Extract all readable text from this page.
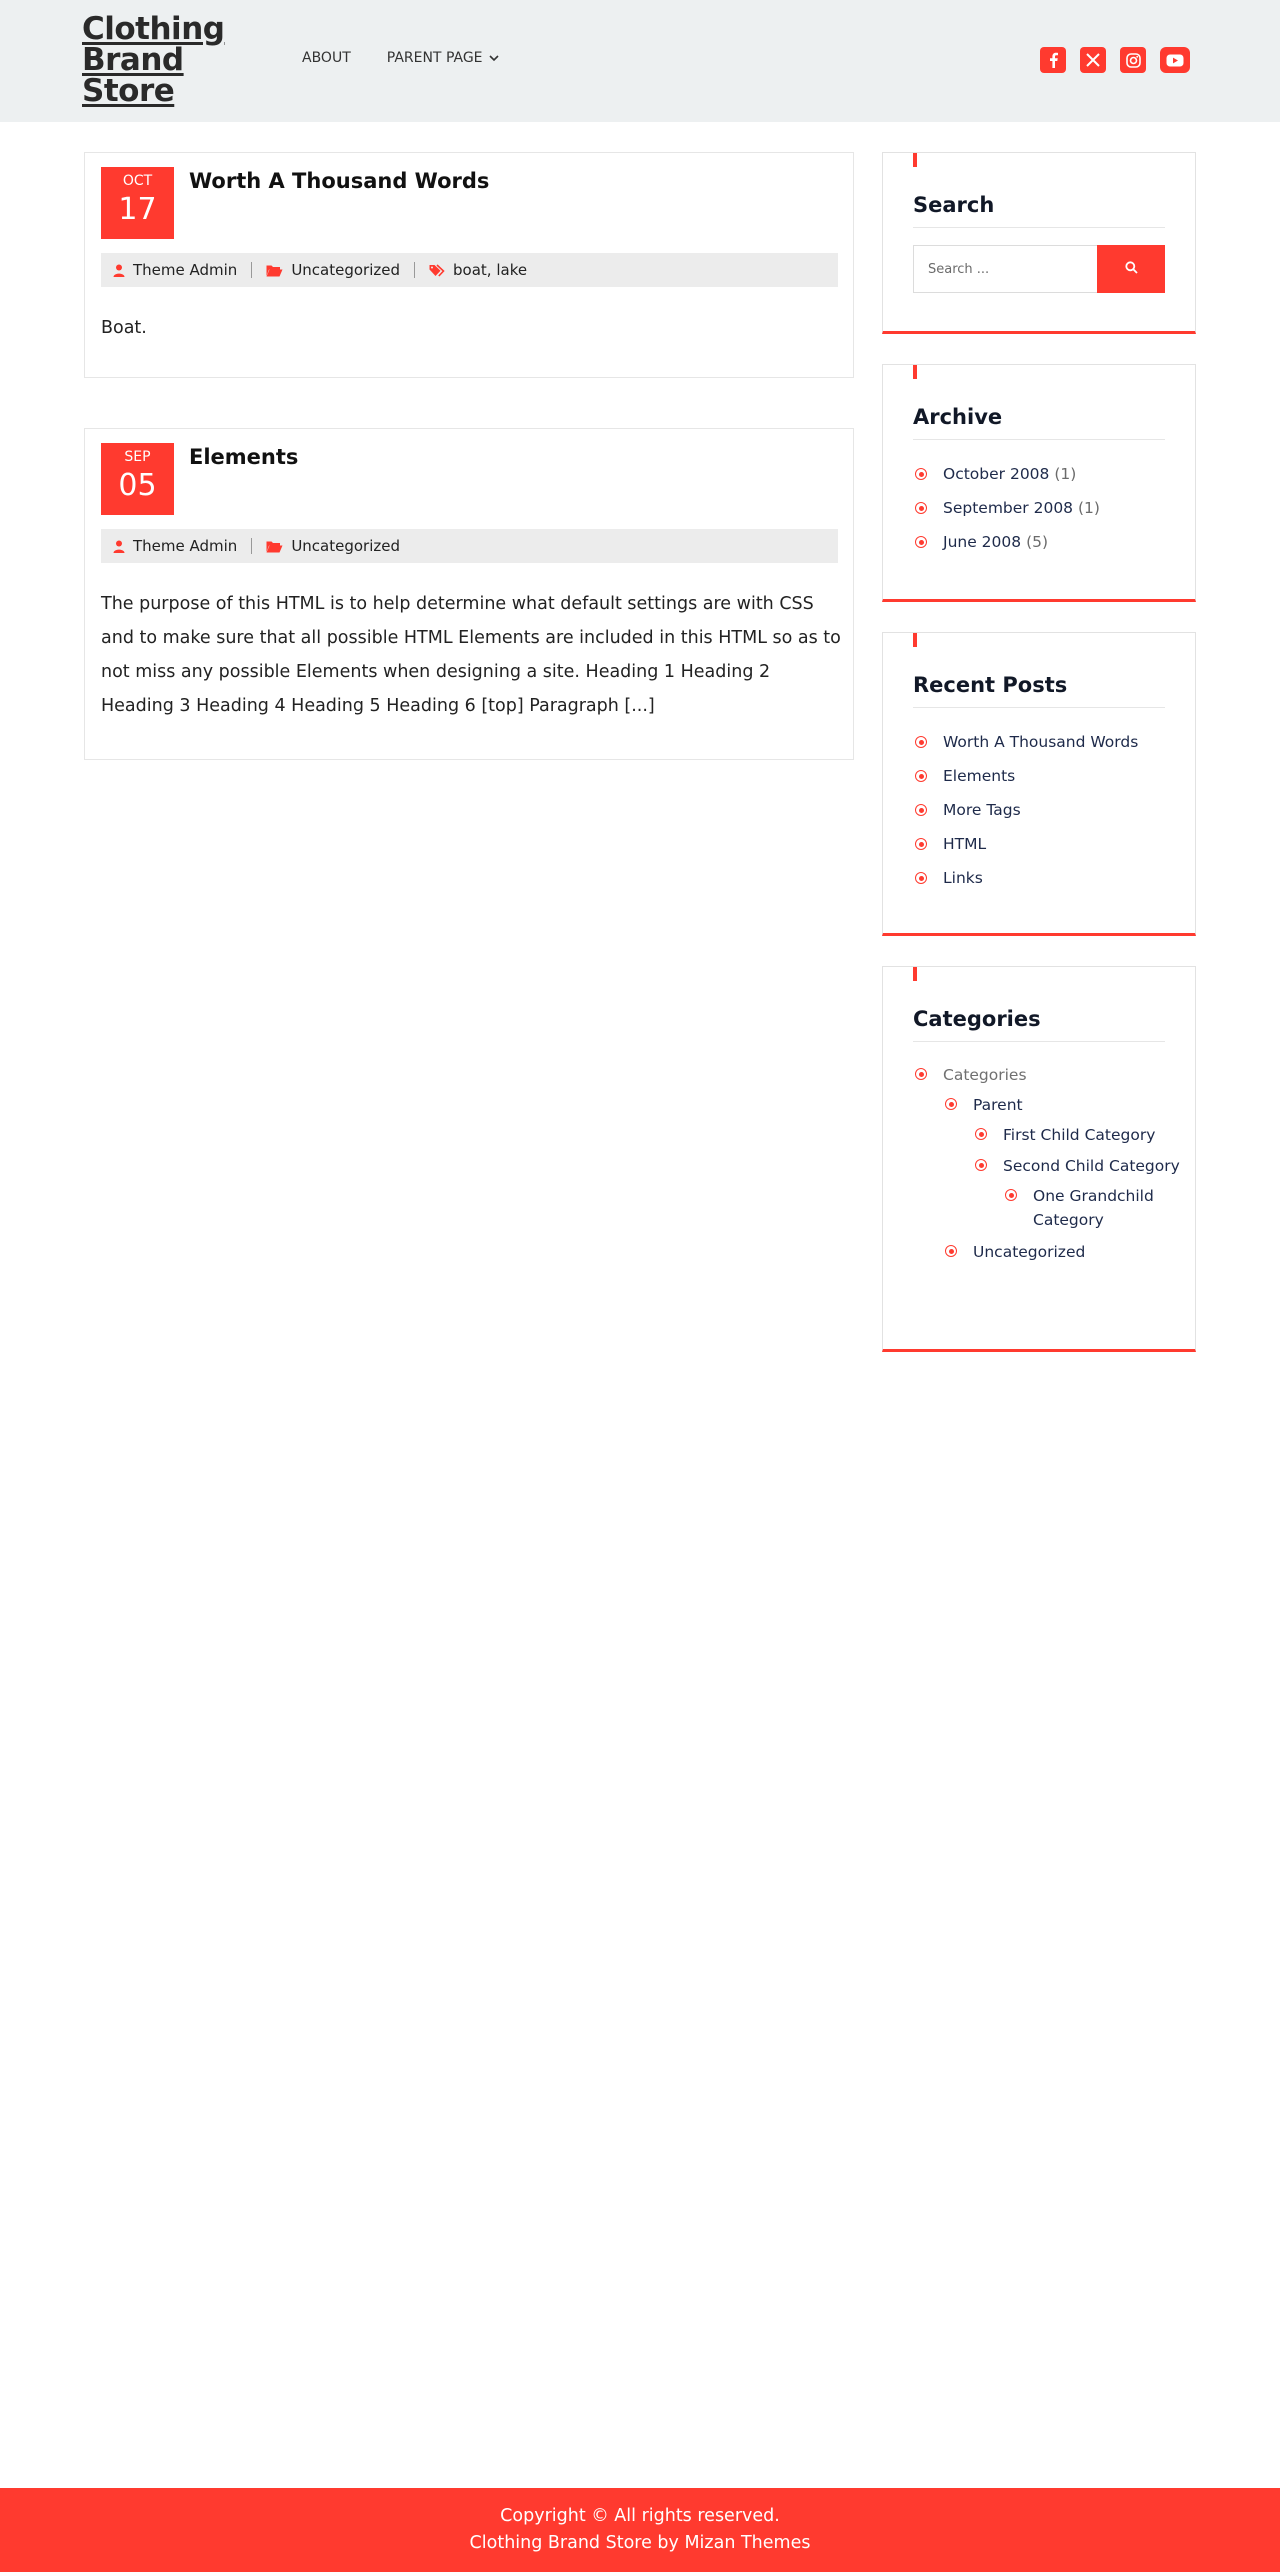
Clothing Brand Store
ABOUT	PARENT PAGE
OCT
17
Worth A Thousand Words
Theme Admin	Uncategorized	boat, lake

Boat.

SEP
05
Elements
Theme Admin	Uncategorized

The purpose of this HTML is to help determine what default settings are with CSS and to make sure that all possible HTML Elements are included in this HTML so as to not miss any possible Elements when designing a site. Heading 1 Heading 2 Heading 3 Heading 4 Heading 5 Heading 6 [top] Paragraph [...]

Search
Search ...
Archive
October 2008 (1)
September 2008 (1)
June 2008 (5)
Recent Posts
Worth A Thousand Words
Elements
More Tags
HTML
Links
Categories
Categories
Parent
First Child Category
Second Child Category
One Grandchild Category
Uncategorized
Copyright © All rights reserved.
Clothing Brand Store by Mizan Themes
